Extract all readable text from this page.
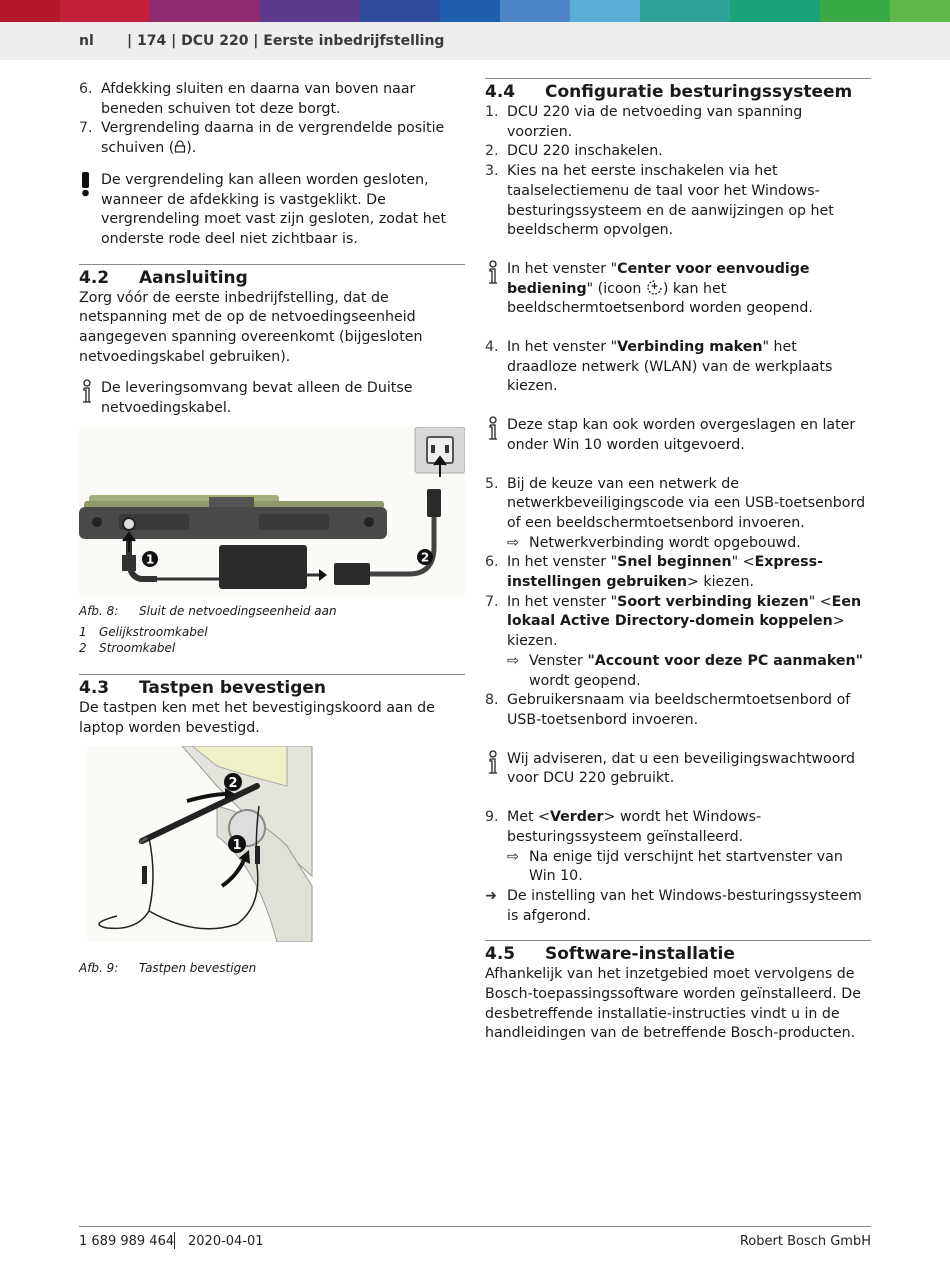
nl | 174 | DCU 220 | Eerste inbedrijfstelling
6. Afdekking sluiten en daarna van boven naar beneden schuiven tot deze borgt.
7. Vergrendeling daarna in de vergrendelde positie schuiven ( ).
De vergrendeling kan alleen worden gesloten, wanneer de afdekking is vastgeklikt. De vergrendeling moet vast zijn gesloten, zodat het onderste rode deel niet zichtbaar is.
4.2	Aansluiting
Zorg vóór de eerste inbedrijfstelling, dat de netspanning met de op de netvoedingseenheid aangegeven spanning overeenkomt (bijgesloten netvoedingskabel gebruiken).
De leveringsomvang bevat alleen de Duitse netvoedingskabel.
1	2
Afb. 8:	Sluit de netvoedingseenheid aan
1	Gelijkstroomkabel
2	Stroomkabel
4.3	Tastpen bevestigen
De tastpen ken met het bevestigingskoord aan de laptop worden bevestigd.
2
1
Afb. 9:	Tastpen bevestigen
4.4	Configuratie besturingssysteem
1. DCU 220 via de netvoeding van spanning voorzien.
2. DCU 220 inschakelen.
3. Kies na het eerste inschakelen via het taalselectiemenu de taal voor het Windows-besturingssysteem en de aanwijzingen op het beeldscherm opvolgen.
In het venster "Center voor eenvoudige bediening" (icoon ) kan het beeldschermtoetsenbord worden geopend.
4. In het venster "Verbinding maken" het draadloze netwerk (WLAN) van de werkplaats kiezen.
Deze stap kan ook worden overgeslagen en later onder Win 10 worden uitgevoerd.
5. Bij de keuze van een netwerk de netwerkbeveiligingscode via een USB-toetsenbord of een beeldschermtoetsenbord invoeren.
⇨ Netwerkverbinding wordt opgebouwd.
6. In het venster "Snel beginnen" <Express-instellingen gebruiken> kiezen.
7. In het venster "Soort verbinding kiezen" <Een lokaal Active Directory-domein koppelen> kiezen.
⇨ Venster "Account voor deze PC aanmaken" wordt geopend.
8. Gebruikersnaam via beeldschermtoetsenbord of USB-toetsenbord invoeren.
Wij adviseren, dat u een beveiligingswachtwoord voor DCU 220 gebruikt.
9. Met <Verder> wordt het Windows-besturingssysteem geïnstalleerd.
⇨ Na enige tijd verschijnt het startvenster van Win 10.
➜ De instelling van het Windows-besturingssysteem is afgerond.
4.5	Software-installatie
Afhankelijk van het inzetgebied moet vervolgens de Bosch-toepassingssoftware worden geïnstalleerd. De desbetreffende installatie-instructies vindt u in de handleidingen van de betreffende Bosch-producten.
1 689 989 464 2020-04-01	Robert Bosch GmbH
